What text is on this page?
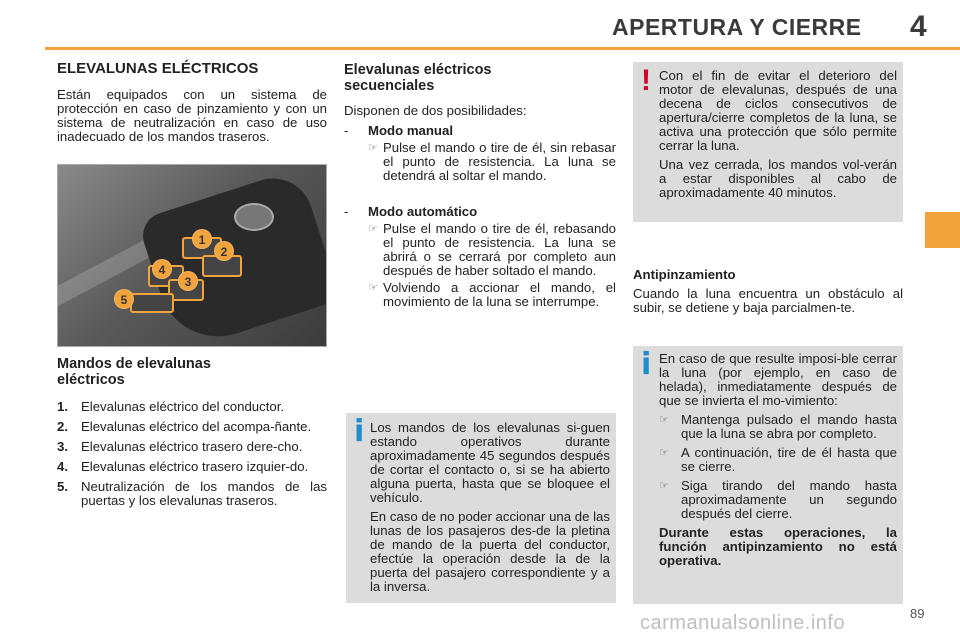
APERTURA Y CIERRE 4
ELEVALUNAS ELÉCTRICOS

Están equipados con un sistema de protección en caso de pinzamiento y con un sistema de neutralización en caso de uso inadecuado de los mandos traseros.

1
2
3
4
5
Mandos de elevalunas eléctricos
1. Elevalunas eléctrico del conductor.
2. Elevalunas eléctrico del acompa-ñante.
3. Elevalunas eléctrico trasero dere-cho.
4. Elevalunas eléctrico trasero izquier-do.
5. Neutralización de los mandos de las puertas y los elevalunas traseros.
Elevalunas eléctricos secuenciales

Disponen de dos posibilidades:

- Modo manual
☞ Pulse el mando o tire de él, sin rebasar el punto de resistencia. La luna se detendrá al soltar el mando.
- Modo automático
☞ Pulse el mando o tire de él, rebasando el punto de resistencia. La luna se abrirá o se cerrará por completo aun después de haber soltado el mando.
☞ Volviendo a accionar el mando, el movimiento de la luna se interrumpe.
i Los mandos de los elevalunas si-guen estando operativos durante aproximadamente 45 segundos después de cortar el contacto o, si se ha abierto alguna puerta, hasta que se bloquee el vehículo.

En caso de no poder accionar una de las lunas de los pasajeros des-de la pletina de mando de la puerta del conductor, efectúe la operación desde la de la puerta del pasajero correspondiente y a la inversa.

! Con el fin de evitar el deterioro del motor de elevalunas, después de una decena de ciclos consecutivos de apertura/cierre completos de la luna, se activa una protección que sólo permite cerrar la luna.

Una vez cerrada, los mandos vol-verán a estar disponibles al cabo de aproximadamente 40 minutos.

Antipinzamiento

Cuando la luna encuentra un obstáculo al subir, se detiene y baja parcialmen-te.

i En caso de que resulte imposi-ble cerrar la luna (por ejemplo, en caso de helada), inmediatamente después de que se invierta el mo-vimiento:

☞ Mantenga pulsado el mando hasta que la luna se abra por completo.
☞ A continuación, tire de él hasta que se cierre.
☞ Siga tirando del mando hasta aproximadamente un segundo después del cierre.

Durante estas operaciones, la función antipinzamiento no está operativa.

89
carmanualsonline.info
